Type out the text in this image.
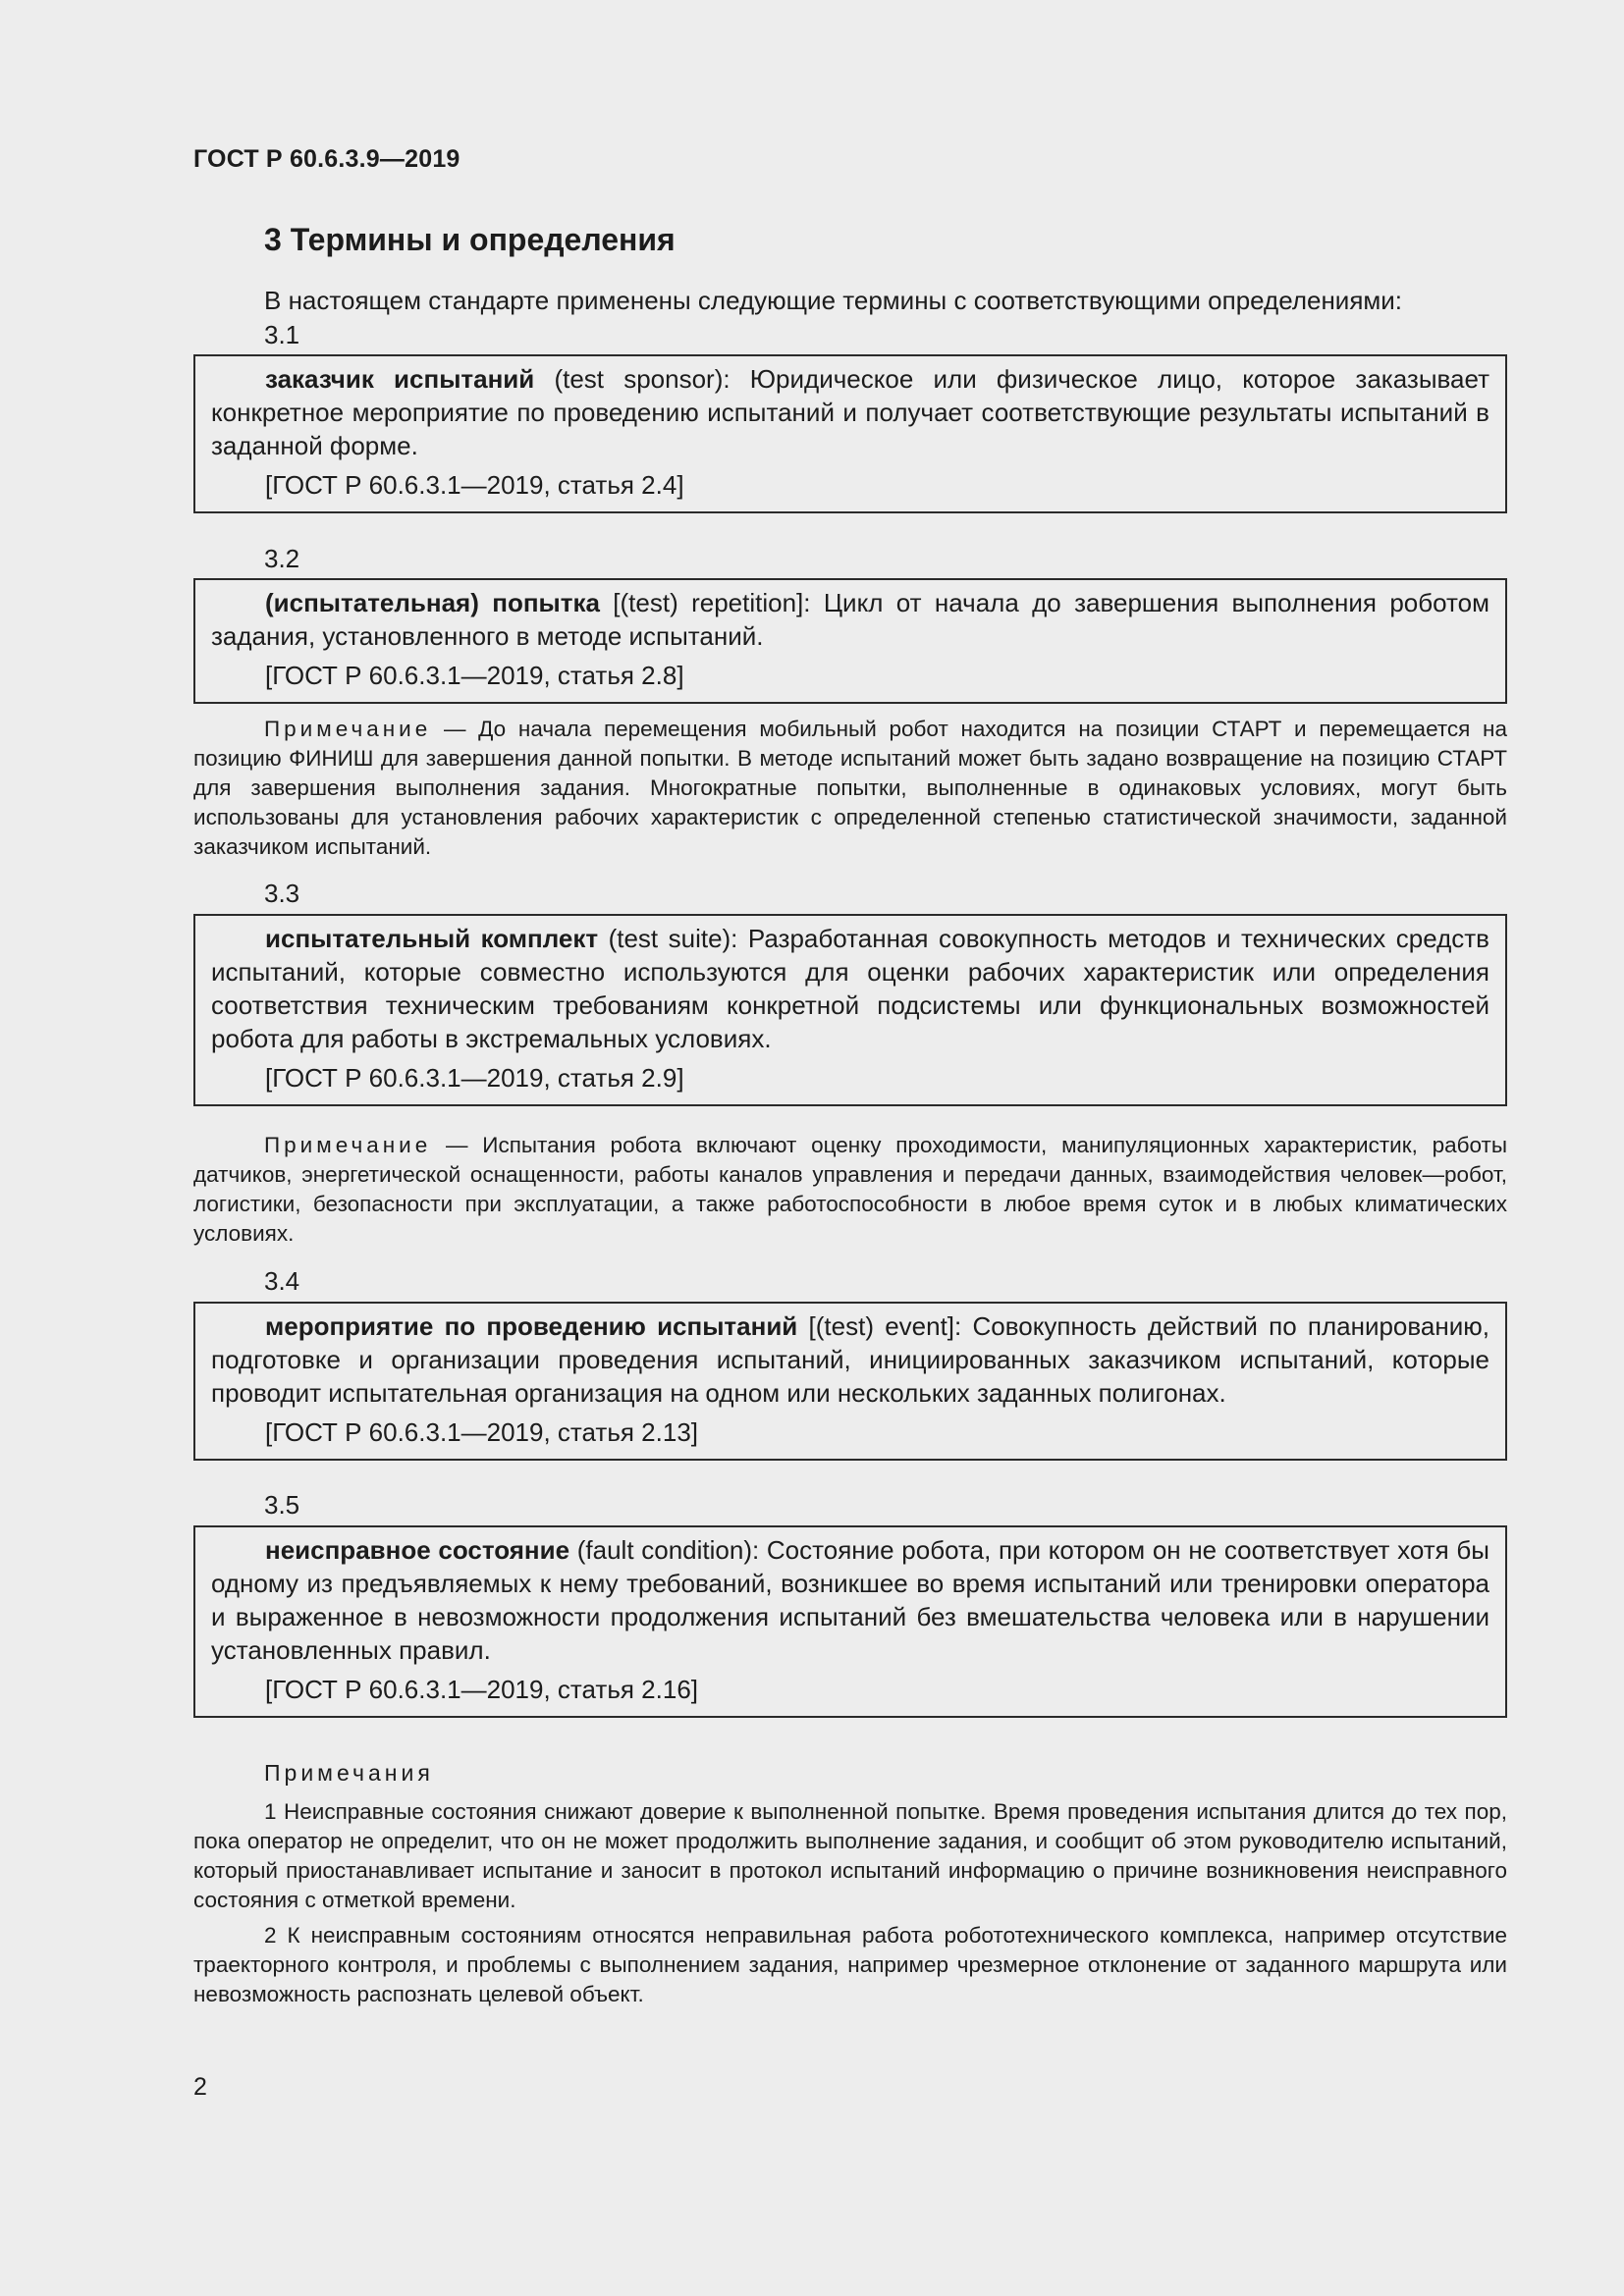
ГОСТ Р 60.6.3.9—2019
3 Термины и определения
В настоящем стандарте применены следующие термины с соответствующими определениями:
3.1

заказчик испытаний (test sponsor): Юридическое или физическое лицо, которое заказывает конкретное мероприятие по проведению испытаний и получает соответствующие результаты испытаний в заданной форме.

[ГОСТ Р 60.6.3.1—2019, статья 2.4]

3.2

(испытательная) попытка [(test) repetition]: Цикл от начала до завершения выполнения роботом задания, установленного в методе испытаний.

[ГОСТ Р 60.6.3.1—2019, статья 2.8]

Примечание — До начала перемещения мобильный робот находится на позиции СТАРТ и перемещается на позицию ФИНИШ для завершения данной попытки. В методе испытаний может быть задано возвращение на позицию СТАРТ для завершения выполнения задания. Многократные попытки, выполненные в одинаковых условиях, могут быть использованы для установления рабочих характеристик с определенной степенью статистической значимости, заданной заказчиком испытаний.

3.3

испытательный комплект (test suite): Разработанная совокупность методов и технических средств испытаний, которые совместно используются для оценки рабочих характеристик или определения соответствия техническим требованиям конкретной подсистемы или функциональных возможностей робота для работы в экстремальных условиях.

[ГОСТ Р 60.6.3.1—2019, статья 2.9]

Примечание — Испытания робота включают оценку проходимости, манипуляционных характеристик, работы датчиков, энергетической оснащенности, работы каналов управления и передачи данных, взаимодействия человек—робот, логистики, безопасности при эксплуатации, а также работоспособности в любое время суток и в любых климатических условиях.

3.4

мероприятие по проведению испытаний [(test) event]: Совокупность действий по планированию, подготовке и организации проведения испытаний, инициированных заказчиком испытаний, которые проводит испытательная организация на одном или нескольких заданных полигонах.

[ГОСТ Р 60.6.3.1—2019, статья 2.13]

3.5

неисправное состояние (fault condition): Состояние робота, при котором он не соответствует хотя бы одному из предъявляемых к нему требований, возникшее во время испытаний или тренировки оператора и выраженное в невозможности продолжения испытаний без вмешательства человека или в нарушении установленных правил.

[ГОСТ Р 60.6.3.1—2019, статья 2.16]

Примечания

1 Неисправные состояния снижают доверие к выполненной попытке. Время проведения испытания длится до тех пор, пока оператор не определит, что он не может продолжить выполнение задания, и сообщит об этом руководителю испытаний, который приостанавливает испытание и заносит в протокол испытаний информацию о причине возникновения неисправного состояния с отметкой времени.

2 К неисправным состояниям относятся неправильная работа робототехнического комплекса, например отсутствие траекторного контроля, и проблемы с выполнением задания, например чрезмерное отклонение от заданного маршрута или невозможность распознать целевой объект.

2
